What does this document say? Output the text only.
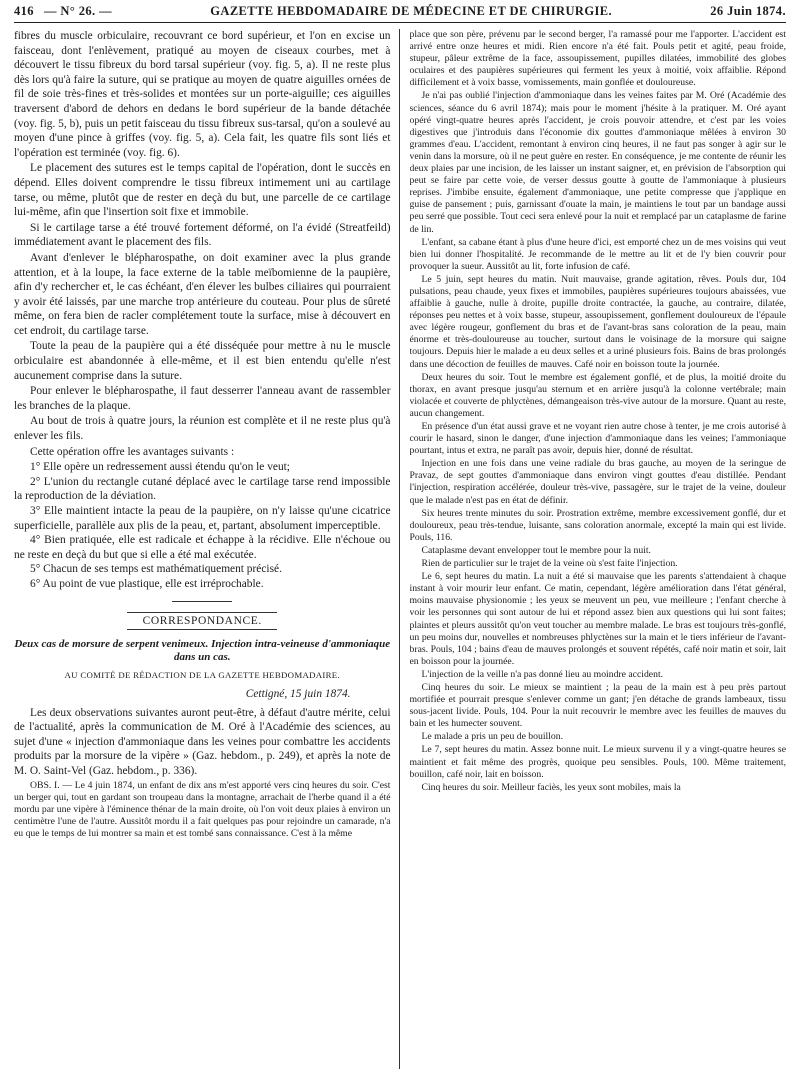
416 — N° 26. —	GAZETTE HEBDOMADAIRE DE MÉDECINE ET DE CHIRURGIE.	26 Juin 1874.

fibres du muscle orbiculaire, recouvrant ce bord supérieur, et l'on en excise un faisceau, dont l'enlèvement, pratiqué au moyen de ciseaux courbes, met à découvert le tissu fibreux du bord tarsal supérieur (voy. fig. 5, a). Il ne reste plus dès lors qu'à faire la suture, qui se pratique au moyen de quatre aiguilles ornées de fil de soie très-fines et très-solides et montées sur un porte-aiguille; ces aiguilles traversent d'abord de dehors en dedans le bord supérieur de la bande détachée (voy. fig. 5, b), puis un petit faisceau du tissu fibreux sus-tarsal, qu'on a soulevé au moyen d'une pince à griffes (voy. fig. 5, a). Cela fait, les quatre fils sont liés et l'opération est terminée (voy. fig. 6).

Le placement des sutures est le temps capital de l'opération, dont le succès en dépend. Elles doivent comprendre le tissu fibreux intimement uni au cartilage tarse, ou même, plutôt que de rester en deçà du but, une parcelle de ce cartilage lui-même, afin que l'insertion soit fixe et immobile.

Si le cartilage tarse a été trouvé fortement déformé, on l'a évidé (Streatfeild) immédiatement avant le placement des fils.

Avant d'enlever le blépharospathe, on doit examiner avec la plus grande attention, et à la loupe, la face externe de la table meïbomienne de la paupière, afin d'y rechercher et, le cas échéant, d'en élever les bulbes ciliaires qui pourraient y avoir été laissés, par une marche trop antérieure du couteau. Pour plus de sûreté même, on fera bien de racler complétement toute la surface, mise à découvert en cet endroit, du cartilage tarse.

Toute la peau de la paupière qui a été disséquée pour mettre à nu le muscle orbiculaire est abandonnée à elle-même, et il est bien entendu qu'elle n'est aucunement comprise dans la suture.

Pour enlever le blépharospathe, il faut desserrer l'anneau avant de rassembler les branches de la plaque.

Au bout de trois à quatre jours, la réunion est complète et il ne reste plus qu'à enlever les fils.

Cette opération offre les avantages suivants :

1° Elle opère un redressement aussi étendu qu'on le veut;

2° L'union du rectangle cutané déplacé avec le cartilage tarse rend impossible la reproduction de la déviation.

3° Elle maintient intacte la peau de la paupière, on n'y laisse qu'une cicatrice superficielle, parallèle aux plis de la peau, et, partant, absolument imperceptible.

4° Bien pratiquée, elle est radicale et échappe à la récidive. Elle n'échoue ou ne reste en deçà du but que si elle a été mal exécutée.

5° Chacun de ses temps est mathématiquement précisé.

6° Au point de vue plastique, elle est irréprochable.

CORRESPONDANCE.
Deux cas de morsure de serpent venimeux. Injection intra-veineuse d'ammoniaque dans un cas.
AU COMITÉ DE RÉDACTION DE LA GAZETTE HEBDOMADAIRE.
Cettigné, 15 juin 1874.

Les deux observations suivantes auront peut-être, à défaut d'autre mérite, celui de l'actualité, après la communication de M. Oré à l'Académie des sciences, au sujet d'une « injection d'ammoniaque dans les veines pour combattre les accidents produits par la morsure de la vipère » (Gaz. hebdom., p. 249), et après la note de M. O. Saint-Vel (Gaz. hebdom., p. 336).

OBS. I. — Le 4 juin 1874, un enfant de dix ans m'est apporté vers cinq heures du soir. C'est un berger qui, tout en gardant son troupeau dans la montagne, arrachait de l'herbe quand il a été mordu par une vipère à l'éminence thénar de la main droite, où l'on voit deux plaies à environ un centimètre l'une de l'autre. Aussitôt mordu il a fait quelques pas pour rejoindre un camarade, n'a eu que le temps de lui montrer sa main et est tombé sans connaissance. C'est à la même

place que son père, prévenu par le second berger, l'a ramassé pour me l'apporter. L'accident est arrivé entre onze heures et midi. Rien encore n'a été fait. Pouls petit et agité, peau froide, stupeur, pâleur extrême de la face, assoupissement, pupilles dilatées, immobilité des globes oculaires et des paupières supérieures qui ferment les yeux à moitié, voix affaiblie. Répond difficilement et à voix basse, vomissements, main gonflée et douloureuse.

Je n'ai pas oublié l'injection d'ammoniaque dans les veines faites par M. Oré (Académie des sciences, séance du 6 avril 1874); mais pour le moment j'hésite à la pratiquer. M. Oré ayant opéré vingt-quatre heures après l'accident, je crois pouvoir attendre, et c'est par les voies digestives que j'introduis dans l'économie dix gouttes d'ammoniaque mêlées à environ 30 grammes d'eau. L'accident, remontant à environ cinq heures, il ne faut pas songer à agir sur le venin dans la morsure, où il ne peut guère en rester. En conséquence, je me contente de réunir les deux plaies par une incision, de les laisser un instant saigner, et, en prévision de l'absorption qui peut se faire par cette voie, de verser dessus goutte à goutte de l'ammoniaque à plusieurs reprises. J'imbibe ensuite, également d'ammoniaque, une petite compresse que j'applique en guise de pansement ; puis, garnissant d'ouate la main, je maintiens le tout par un bandage aussi peu serré que possible. Tout ceci sera enlevé pour la nuit et remplacé par un cataplasme de farine de lin.

L'enfant, sa cabane étant à plus d'une heure d'ici, est emporté chez un de mes voisins qui veut bien lui donner l'hospitalité. Je recommande de le mettre au lit et de l'y bien couvrir pour provoquer la sueur. Aussitôt au lit, forte infusion de café.

Le 5 juin, sept heures du matin. Nuit mauvaise, grande agitation, rêves. Pouls dur, 104 pulsations, peau chaude, yeux fixes et immobiles, paupières supérieures toujours abaissées, vue affaiblie à gauche, nulle à droite, pupille droite contractée, la gauche, au contraire, dilatée, réponses peu nettes et à voix basse, stupeur, assoupissement, gonflement douloureux de l'épaule avec légère rougeur, gonflement du bras et de l'avant-bras sans coloration de la peau, main énorme et très-douloureuse au toucher, surtout dans le voisinage de la morsure qui saigne toujours. Depuis hier le malade a eu deux selles et a uriné plusieurs fois. Bains de bras prolongés dans une décoction de feuilles de mauves. Café noir en boisson toute la journée.

Deux heures du soir. Tout le membre est également gonflé, et de plus, la moitié droite du thorax, en avant presque jusqu'au sternum et en arrière jusqu'à la colonne vertébrale; main violacée et couverte de phlyctènes, démangeaison très-vive autour de la morsure. Quant au reste, aucun changement.

En présence d'un état aussi grave et ne voyant rien autre chose à tenter, je me crois autorisé à courir le hasard, sinon le danger, d'une injection d'ammoniaque dans les veines; l'ammoniaque pourtant, intus et extra, ne paraît pas avoir, depuis hier, donné de résultat.

Injection en une fois dans une veine radiale du bras gauche, au moyen de la seringue de Pravaz, de sept gouttes d'ammoniaque dans environ vingt gouttes d'eau distillée. Pendant l'injection, respiration accélérée, douleur très-vive, passagère, sur le trajet de la veine, douleur que le malade n'est pas en état de définir.

Six heures trente minutes du soir. Prostration extrême, membre excessivement gonflé, dur et douloureux, peau très-tendue, luisante, sans coloration anormale, excepté la main qui est livide. Pouls, 116.

Cataplasme devant envelopper tout le membre pour la nuit.

Rien de particulier sur le trajet de la veine où s'est faite l'injection.

Le 6, sept heures du matin. La nuit a été si mauvaise que les parents s'attendaient à chaque instant à voir mourir leur enfant. Ce matin, cependant, légère amélioration dans l'état général, moins mauvaise physionomie ; les yeux se meuvent un peu, vue meilleure ; l'enfant cherche à voir les personnes qui sont autour de lui et répond assez bien aux questions qui lui sont faites; plaintes et pleurs aussitôt qu'on veut toucher au membre malade. Le bras est toujours très-gonflé, un peu moins dur, nouvelles et nombreuses phlyctènes sur la main et le tiers inférieur de l'avant-bras. Pouls, 104 ; bains d'eau de mauves prolongés et souvent répétés, café noir matin et soir, lait en boisson pour la journée.

L'injection de la veille n'a pas donné lieu au moindre accident.

Cinq heures du soir. Le mieux se maintient ; la peau de la main est à peu près partout mortifiée et pourrait presque s'enlever comme un gant; j'en détache de grands lambeaux, tissu sous-jacent livide. Pouls, 104. Pour la nuit recouvrir le membre avec les feuilles de mauves du bain et les humecter souvent.

Le malade a pris un peu de bouillon.

Le 7, sept heures du matin. Assez bonne nuit. Le mieux survenu il y a vingt-quatre heures se maintient et fait même des progrès, quoique peu sensibles. Pouls, 100. Même traitement, bouillon, café noir, lait en boisson.

Cinq heures du soir. Meilleur faciès, les yeux sont mobiles, mais la
